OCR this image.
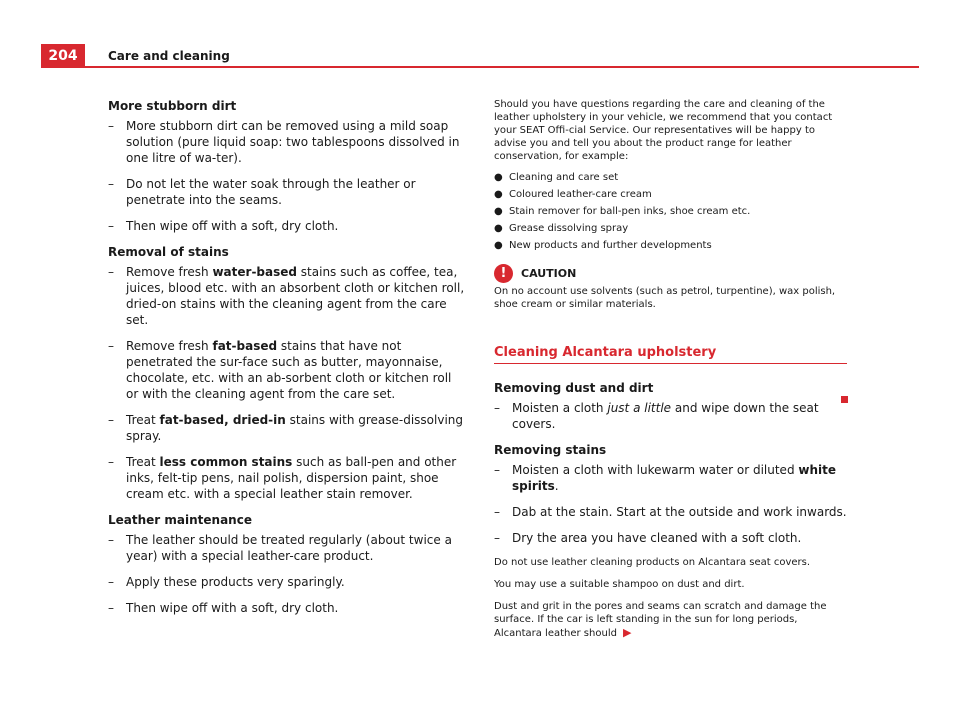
204	Care and cleaning
More stubborn dirt
– More stubborn dirt can be removed using a mild soap solution (pure liquid soap: two tablespoons dissolved in one litre of wa-ter).
– Do not let the water soak through the leather or penetrate into the seams.
– Then wipe off with a soft, dry cloth.
Removal of stains
– Remove fresh water-based stains such as coffee, tea, juices, blood etc. with an absorbent cloth or kitchen roll, dried-on stains with the cleaning agent from the care set.
– Remove fresh fat-based stains that have not penetrated the sur-face such as butter, mayonnaise, chocolate, etc. with an ab-sorbent cloth or kitchen roll or with the cleaning agent from the care set.
– Treat fat-based, dried-in stains with grease-dissolving spray.
– Treat less common stains such as ball-pen and other inks, felt-tip pens, nail polish, dispersion paint, shoe cream etc. with a special leather stain remover.
Leather maintenance
– The leather should be treated regularly (about twice a year) with a special leather-care product.
– Apply these products very sparingly.
– Then wipe off with a soft, dry cloth.
Should you have questions regarding the care and cleaning of the leather upholstery in your vehicle, we recommend that you contact your SEAT Offi-cial Service. Our representatives will be happy to advise you and tell you about the product range for leather conservation, for example:
● Cleaning and care set
● Coloured leather-care cream
● Stain remover for ball-pen inks, shoe cream etc.
● Grease dissolving spray
● New products and further developments
!	CAUTION
On no account use solvents (such as petrol, turpentine), wax polish, shoe cream or similar materials.
Cleaning Alcantara upholstery
Removing dust and dirt
– Moisten a cloth just a little and wipe down the seat covers.
Removing stains
– Moisten a cloth with lukewarm water or diluted white spirits.
– Dab at the stain. Start at the outside and work inwards.
– Dry the area you have cleaned with a soft cloth.
Do not use leather cleaning products on Alcantara seat covers.
You may use a suitable shampoo on dust and dirt.
Dust and grit in the pores and seams can scratch and damage the surface. If the car is left standing in the sun for long periods, Alcantara leather should ▶
